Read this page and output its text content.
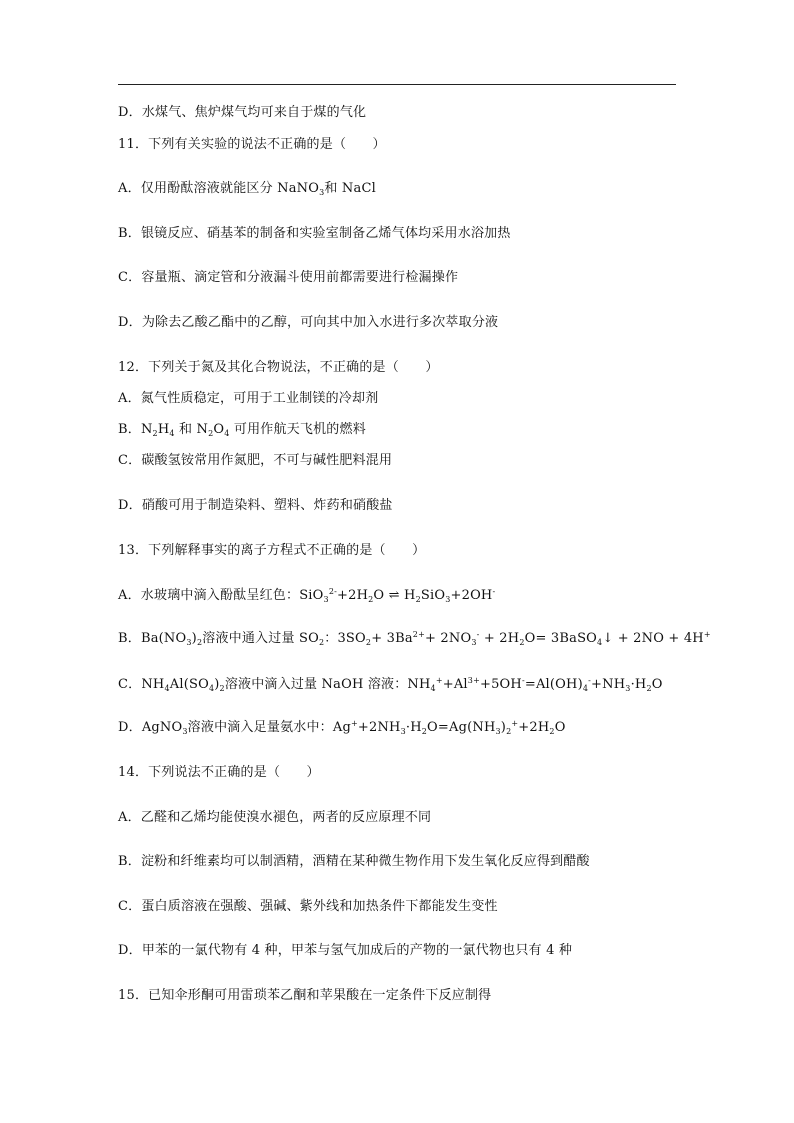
D．水煤气、焦炉煤气均可来自于煤的气化
11．下列有关实验的说法不正确的是（　　）
A．仅用酚酞溶液就能区分 NaNO$_3$和 NaCl
B．银镜反应、硝基苯的制备和实验室制备乙烯气体均采用水浴加热
C．容量瓶、滴定管和分液漏斗使用前都需要进行检漏操作
D．为除去乙酸乙酯中的乙醇，可向其中加入水进行多次萃取分液
12．下列关于氮及其化合物说法，不正确的是（　　）
A．氮气性质稳定，可用于工业制镁的冷却剂
B．$N_2H_4$ 和 $N_2O_4$ 可用作航天飞机的燃料
C．碳酸氢铵常用作氮肥，不可与碱性肥料混用
D．硝酸可用于制造染料、塑料、炸药和硝酸盐
13．下列解释事实的离子方程式不正确的是（　　）
A．水玻璃中滴入酚酞呈红色：$SiO_3^{2-}+2H_2O$ ⇌ $H_2SiO_3+2OH^-$
B．$Ba(NO_3)_2$溶液中通入过量 $SO_2$：$3SO_2+ 3Ba^{2+}+ 2NO_3^- + 2H_2O=$ 3BaSO$_4$↓ + 2NO + 4H+
C．$NH_4Al(SO_4)_2$溶液中滴入过量 NaOH 溶液：$NH_4^++Al^{3+}+5OH^-=Al(OH)_4^-+NH_3\cdot H_2O$
D．AgNO$_3$溶液中滴入足量氨水中：$Ag^++2NH_3\cdot H_2O=Ag(NH_3)_2^++2H_2O$
14．下列说法不正确的是（　　）
A．乙醛和乙烯均能使溴水褪色，两者的反应原理不同
B．淀粉和纤维素均可以制酒精，酒精在某种微生物作用下发生氧化反应得到醋酸
C．蛋白质溶液在强酸、强碱、紫外线和加热条件下都能发生变性
D．甲苯的一氯代物有 4 种，甲苯与氢气加成后的产物的一氯代物也只有 4 种
15．已知伞形酮可用雷琐苯乙酮和苹果酸在一定条件下反应制得
